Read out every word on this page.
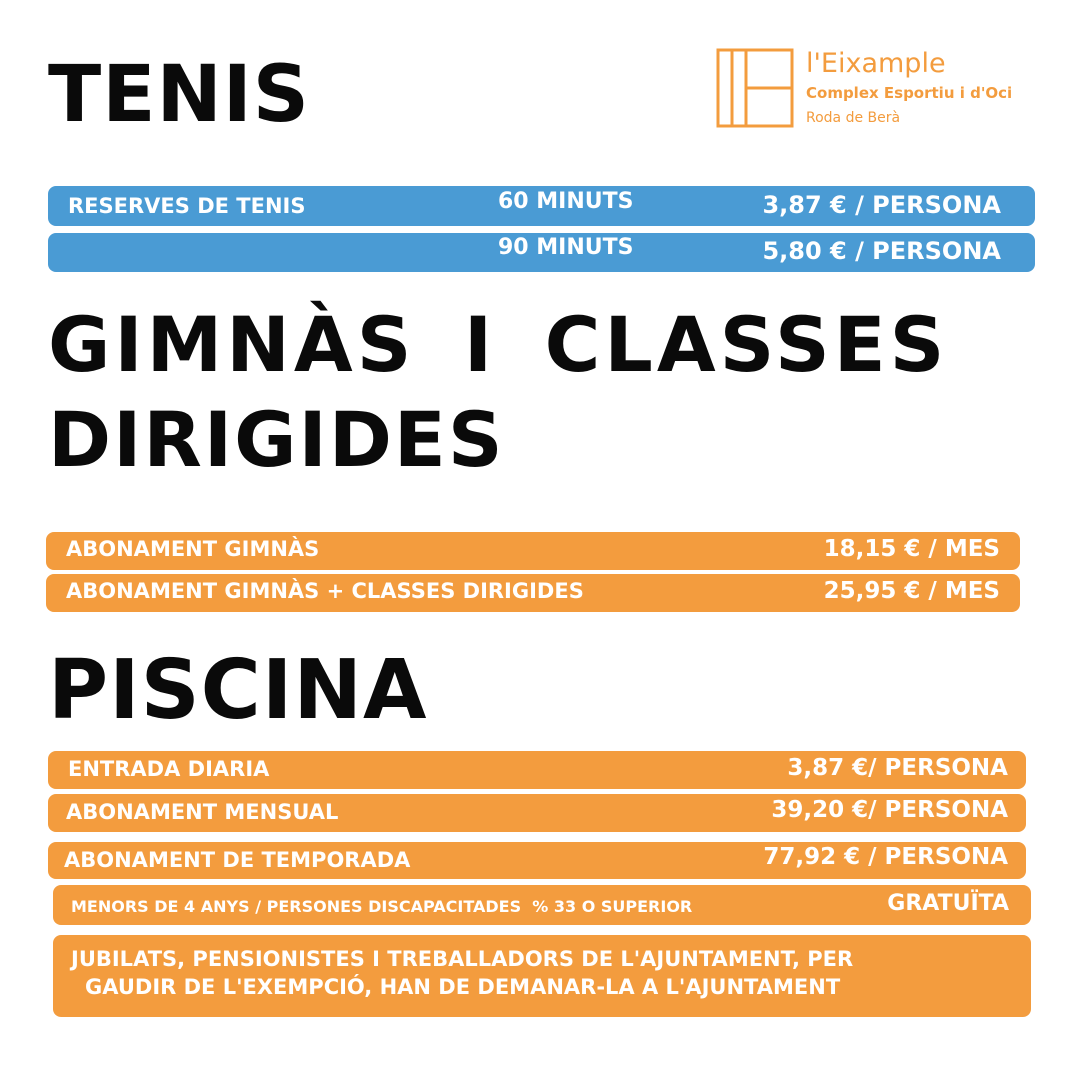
l'Eixample
Complex Esportiu i d'Oci
Roda de Berà
TENIS
RESERVES DE TENIS	60 MINUTS	3,87 € / PERSONA
90 MINUTS	5,80 € / PERSONA
GIMNÀS I CLASSES
DIRIGIDES
ABONAMENT GIMNÀS	18,15 € / MES
ABONAMENT GIMNÀS + CLASSES DIRIGIDES	25,95 € / MES
PISCINA
ENTRADA DIARIA	3,87 €/ PERSONA
ABONAMENT MENSUAL	39,20 €/ PERSONA
ABONAMENT DE TEMPORADA	77,92 € / PERSONA
MENORS DE 4 ANYS / PERSONES DISCAPACITADES  % 33 O SUPERIOR	GRATUÏTA
JUBILATS, PENSIONISTES I TREBALLADORS DE L'AJUNTAMENT, PER
GAUDIR DE L'EXEMPCIÓ, HAN DE DEMANAR-LA A L'AJUNTAMENT
